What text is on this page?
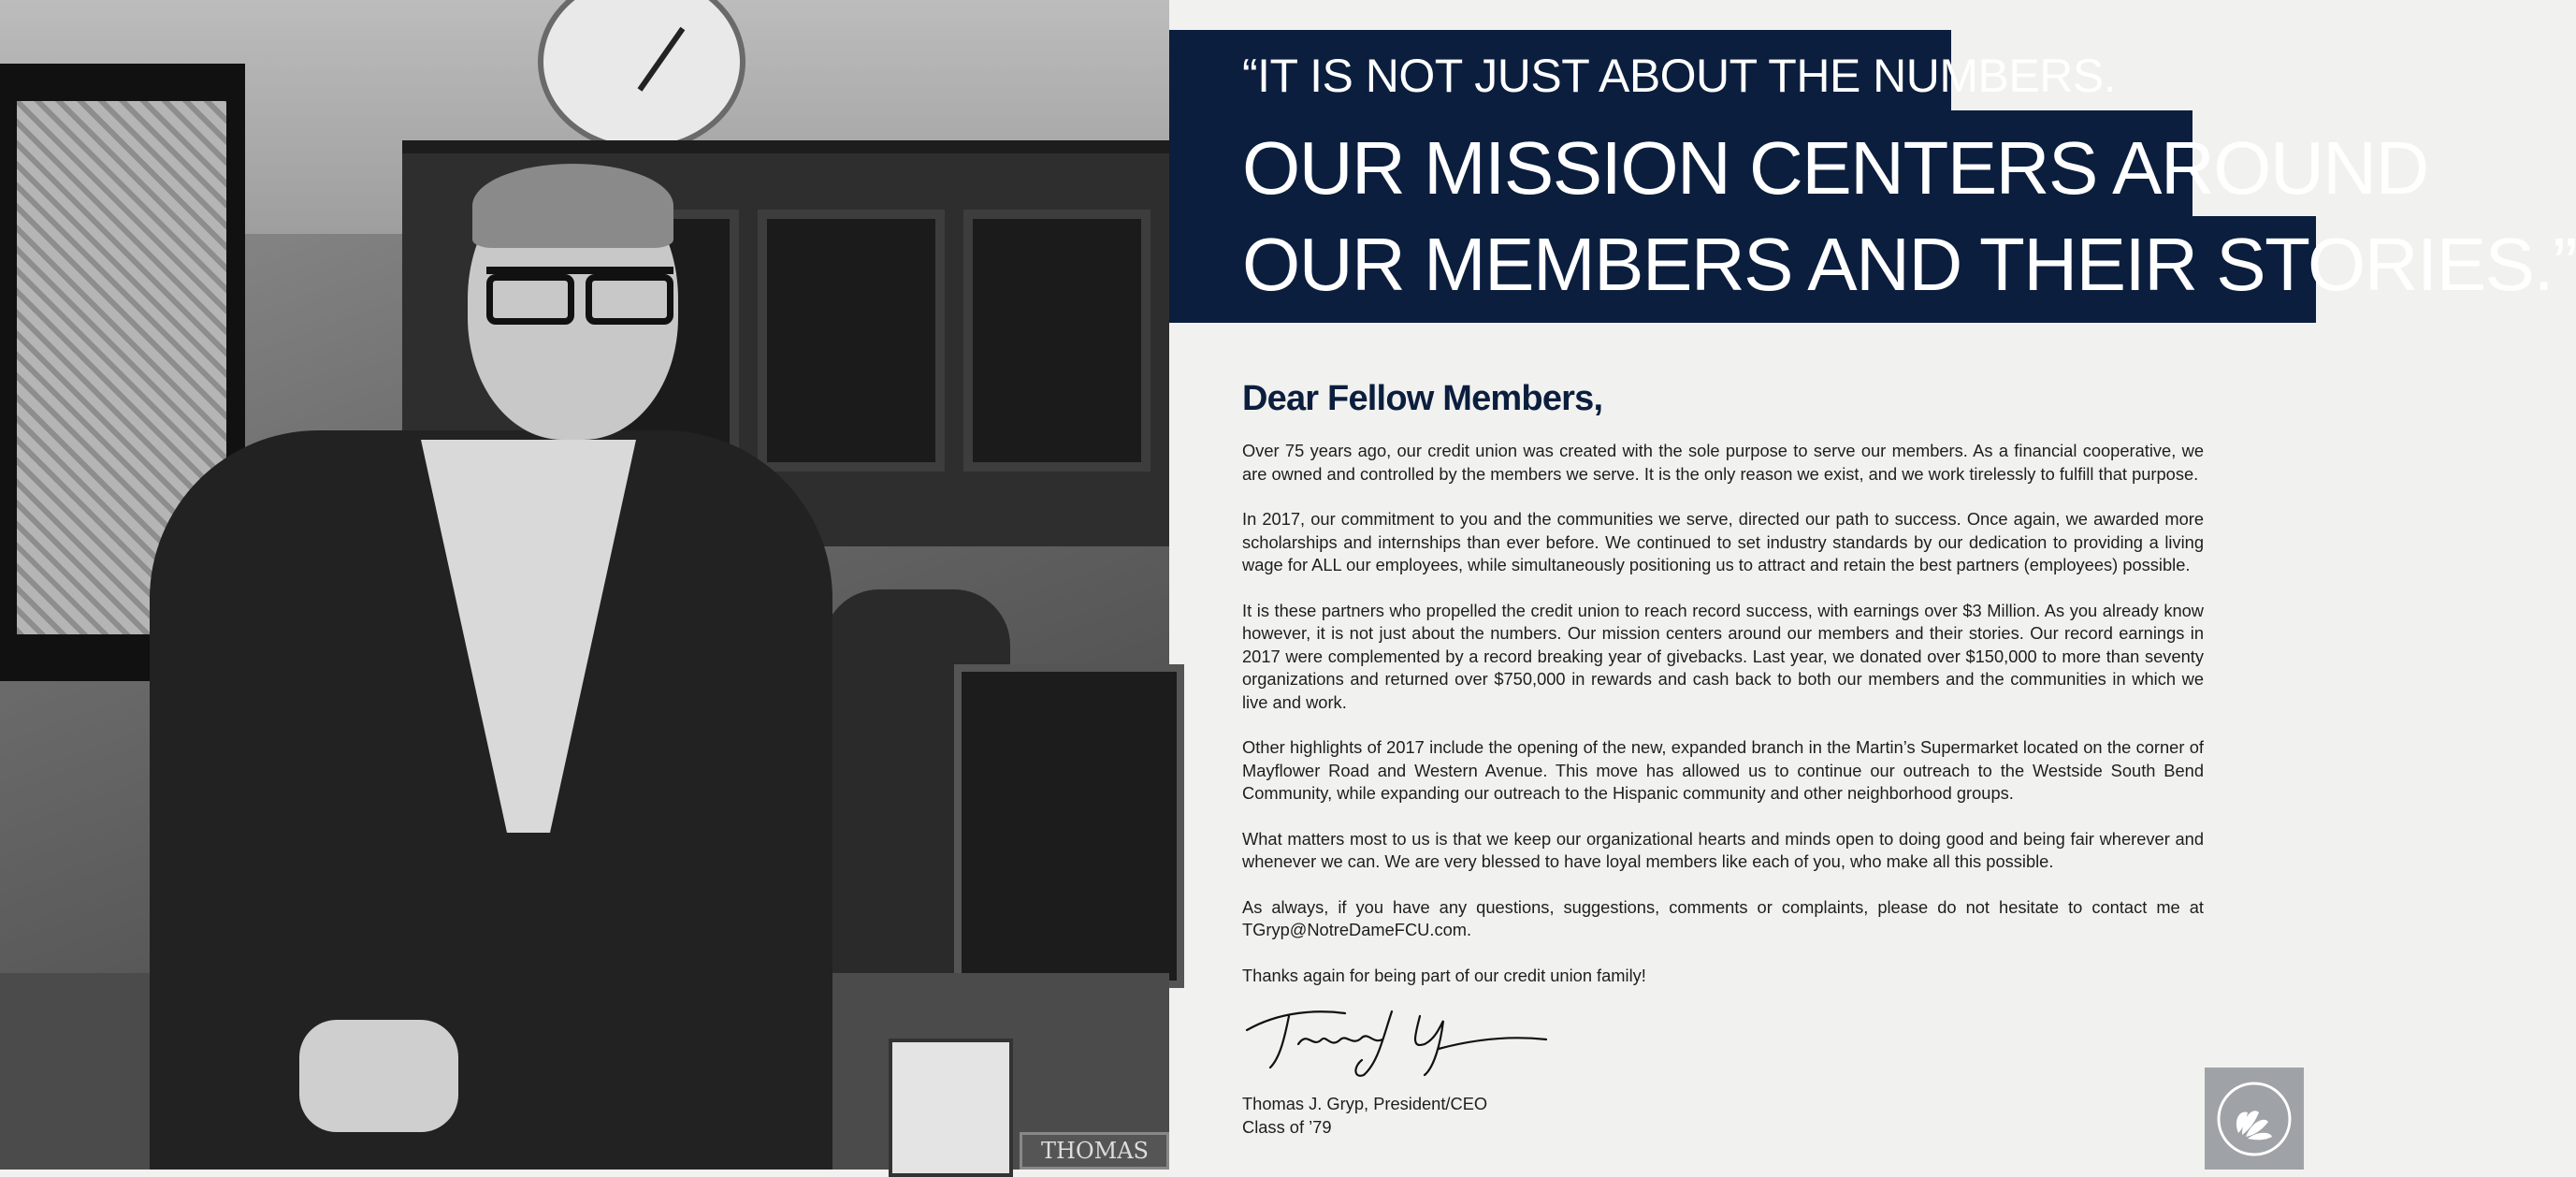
THOMAS
“IT IS NOT JUST ABOUT THE NUMBERS.
OUR MISSION CENTERS AROUND
OUR MEMBERS AND THEIR STORIES.”
Dear Fellow Members,

Over 75 years ago, our credit union was created with the sole purpose to serve our members. As a financial cooperative, we are owned and controlled by the members we serve. It is the only reason we exist, and we work tirelessly to fulfill that purpose.

In 2017, our commitment to you and the communities we serve, directed our path to success. Once again, we awarded more scholarships and internships than ever before. We continued to set industry standards by our dedication to providing a living wage for ALL our employees, while simultaneously positioning us to attract and retain the best partners (employees) possible.

It is these partners who propelled the credit union to reach record success, with earnings over $3 Million. As you already know however, it is not just about the numbers. Our mission centers around our members and their stories. Our record earnings in 2017 were complemented by a record breaking year of givebacks. Last year, we donated over $150,000 to more than seventy organizations and returned over $750,000 in rewards and cash back to both our members and the communities in which we live and work.

Other highlights of 2017 include the opening of the new, expanded branch in the Martin’s Supermarket located on the corner of Mayflower Road and Western Avenue. This move has allowed us to continue our outreach to the Westside South Bend Community, while expanding our outreach to the Hispanic community and other neighborhood groups.

What matters most to us is that we keep our organizational hearts and minds open to doing good and being fair wherever and whenever we can. We are very blessed to have loyal members like each of you, who make all this possible.

As always, if you have any questions, suggestions, comments or complaints, please do not hesitate to contact me at TGryp@NotreDameFCU.com.

Thanks again for being part of our credit union family!

Thomas J. Gryp, President/CEO

Class of ’79
